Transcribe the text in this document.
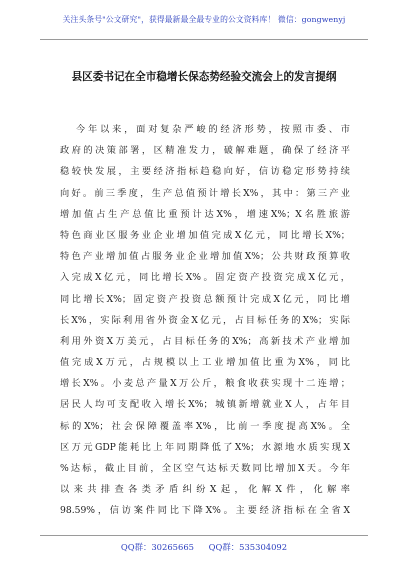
关注头条号"公文研究"，获得最新最全最专业的公文资料库！ 微信：gongwenyj
县区委书记在全市稳增长保态势经验交流会上的发言提纲
今年以来，面对复杂严峻的经济形势，按照市委、市
政府的决策部署，区精准发力，破解难题，确保了经济平
稳较快发展，主要经济指标趋稳向好，信访稳定形势持续
向好。前三季度，生产总值预计增长X%，其中：第三产业
增加值占生产总值比重预计达X%，增速X%；X名胜旅游
特色商业区服务业企业增加值完成X亿元，同比增长X%；
特色产业增加值占服务业企业增加值X%；公共财政预算收
入完成X亿元，同比增长X%。固定资产投资完成X亿元，
同比增长X%；固定资产投资总额预计完成X亿元，同比增
长X%，实际利用省外资金X亿元，占目标任务的X%；实际
利用外资X万美元，占目标任务的X%；高新技术产业增加
值完成X万元，占规模以上工业增加值比重为X%，同比
增长X%。小麦总产量X万公斤，粮食收获实现十二连增；
居民人均可支配收入增长X%；城镇新增就业X人，占年目
标的X%；社会保障覆盖率X%，比前一季度提高X%。全
区万元GDP能耗比上年同期降低了X%；水源地水质实现X
%达标，截止目前，全区空气达标天数同比增加X天。今年
以来共排查各类矛盾纠纷X起，化解X件，化解率
98.59%，信访案件同比下降X%。主要经济指标在全省X
QQ群：30265665 QQ群：535304092
